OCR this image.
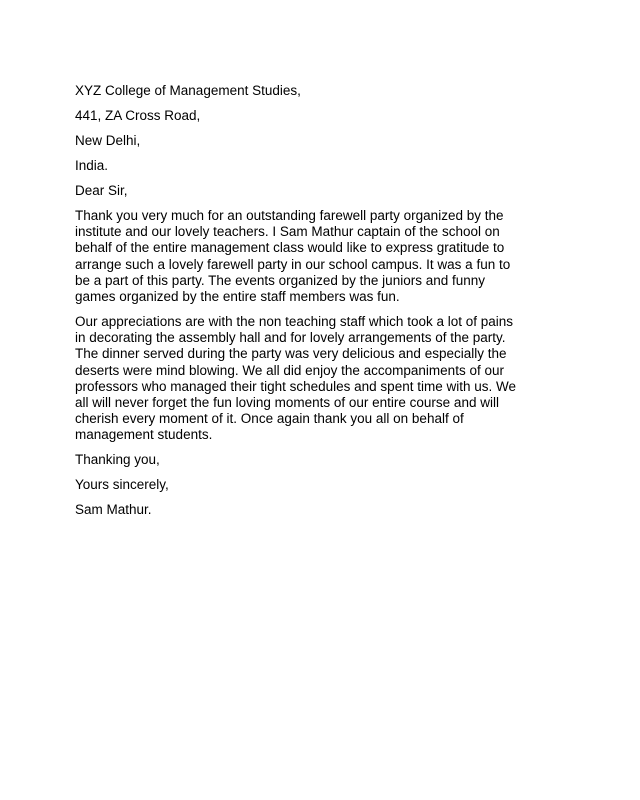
XYZ College of Management Studies,
441, ZA Cross Road,
New Delhi,
India.
Dear Sir,
Thank you very much for an outstanding farewell party organized by the
institute and our lovely teachers. I Sam Mathur captain of the school on
behalf of the entire management class would like to express gratitude to
arrange such a lovely farewell party in our school campus. It was a fun to
be a part of this party. The events organized by the juniors and funny
games organized by the entire staff members was fun.
Our appreciations are with the non teaching staff which took a lot of pains
in decorating the assembly hall and for lovely arrangements of the party.
The dinner served during the party was very delicious and especially the
deserts were mind blowing. We all did enjoy the accompaniments of our
professors who managed their tight schedules and spent time with us. We
all will never forget the fun loving moments of our entire course and will
cherish every moment of it. Once again thank you all on behalf of
management students.
Thanking you,
Yours sincerely,
Sam Mathur.
